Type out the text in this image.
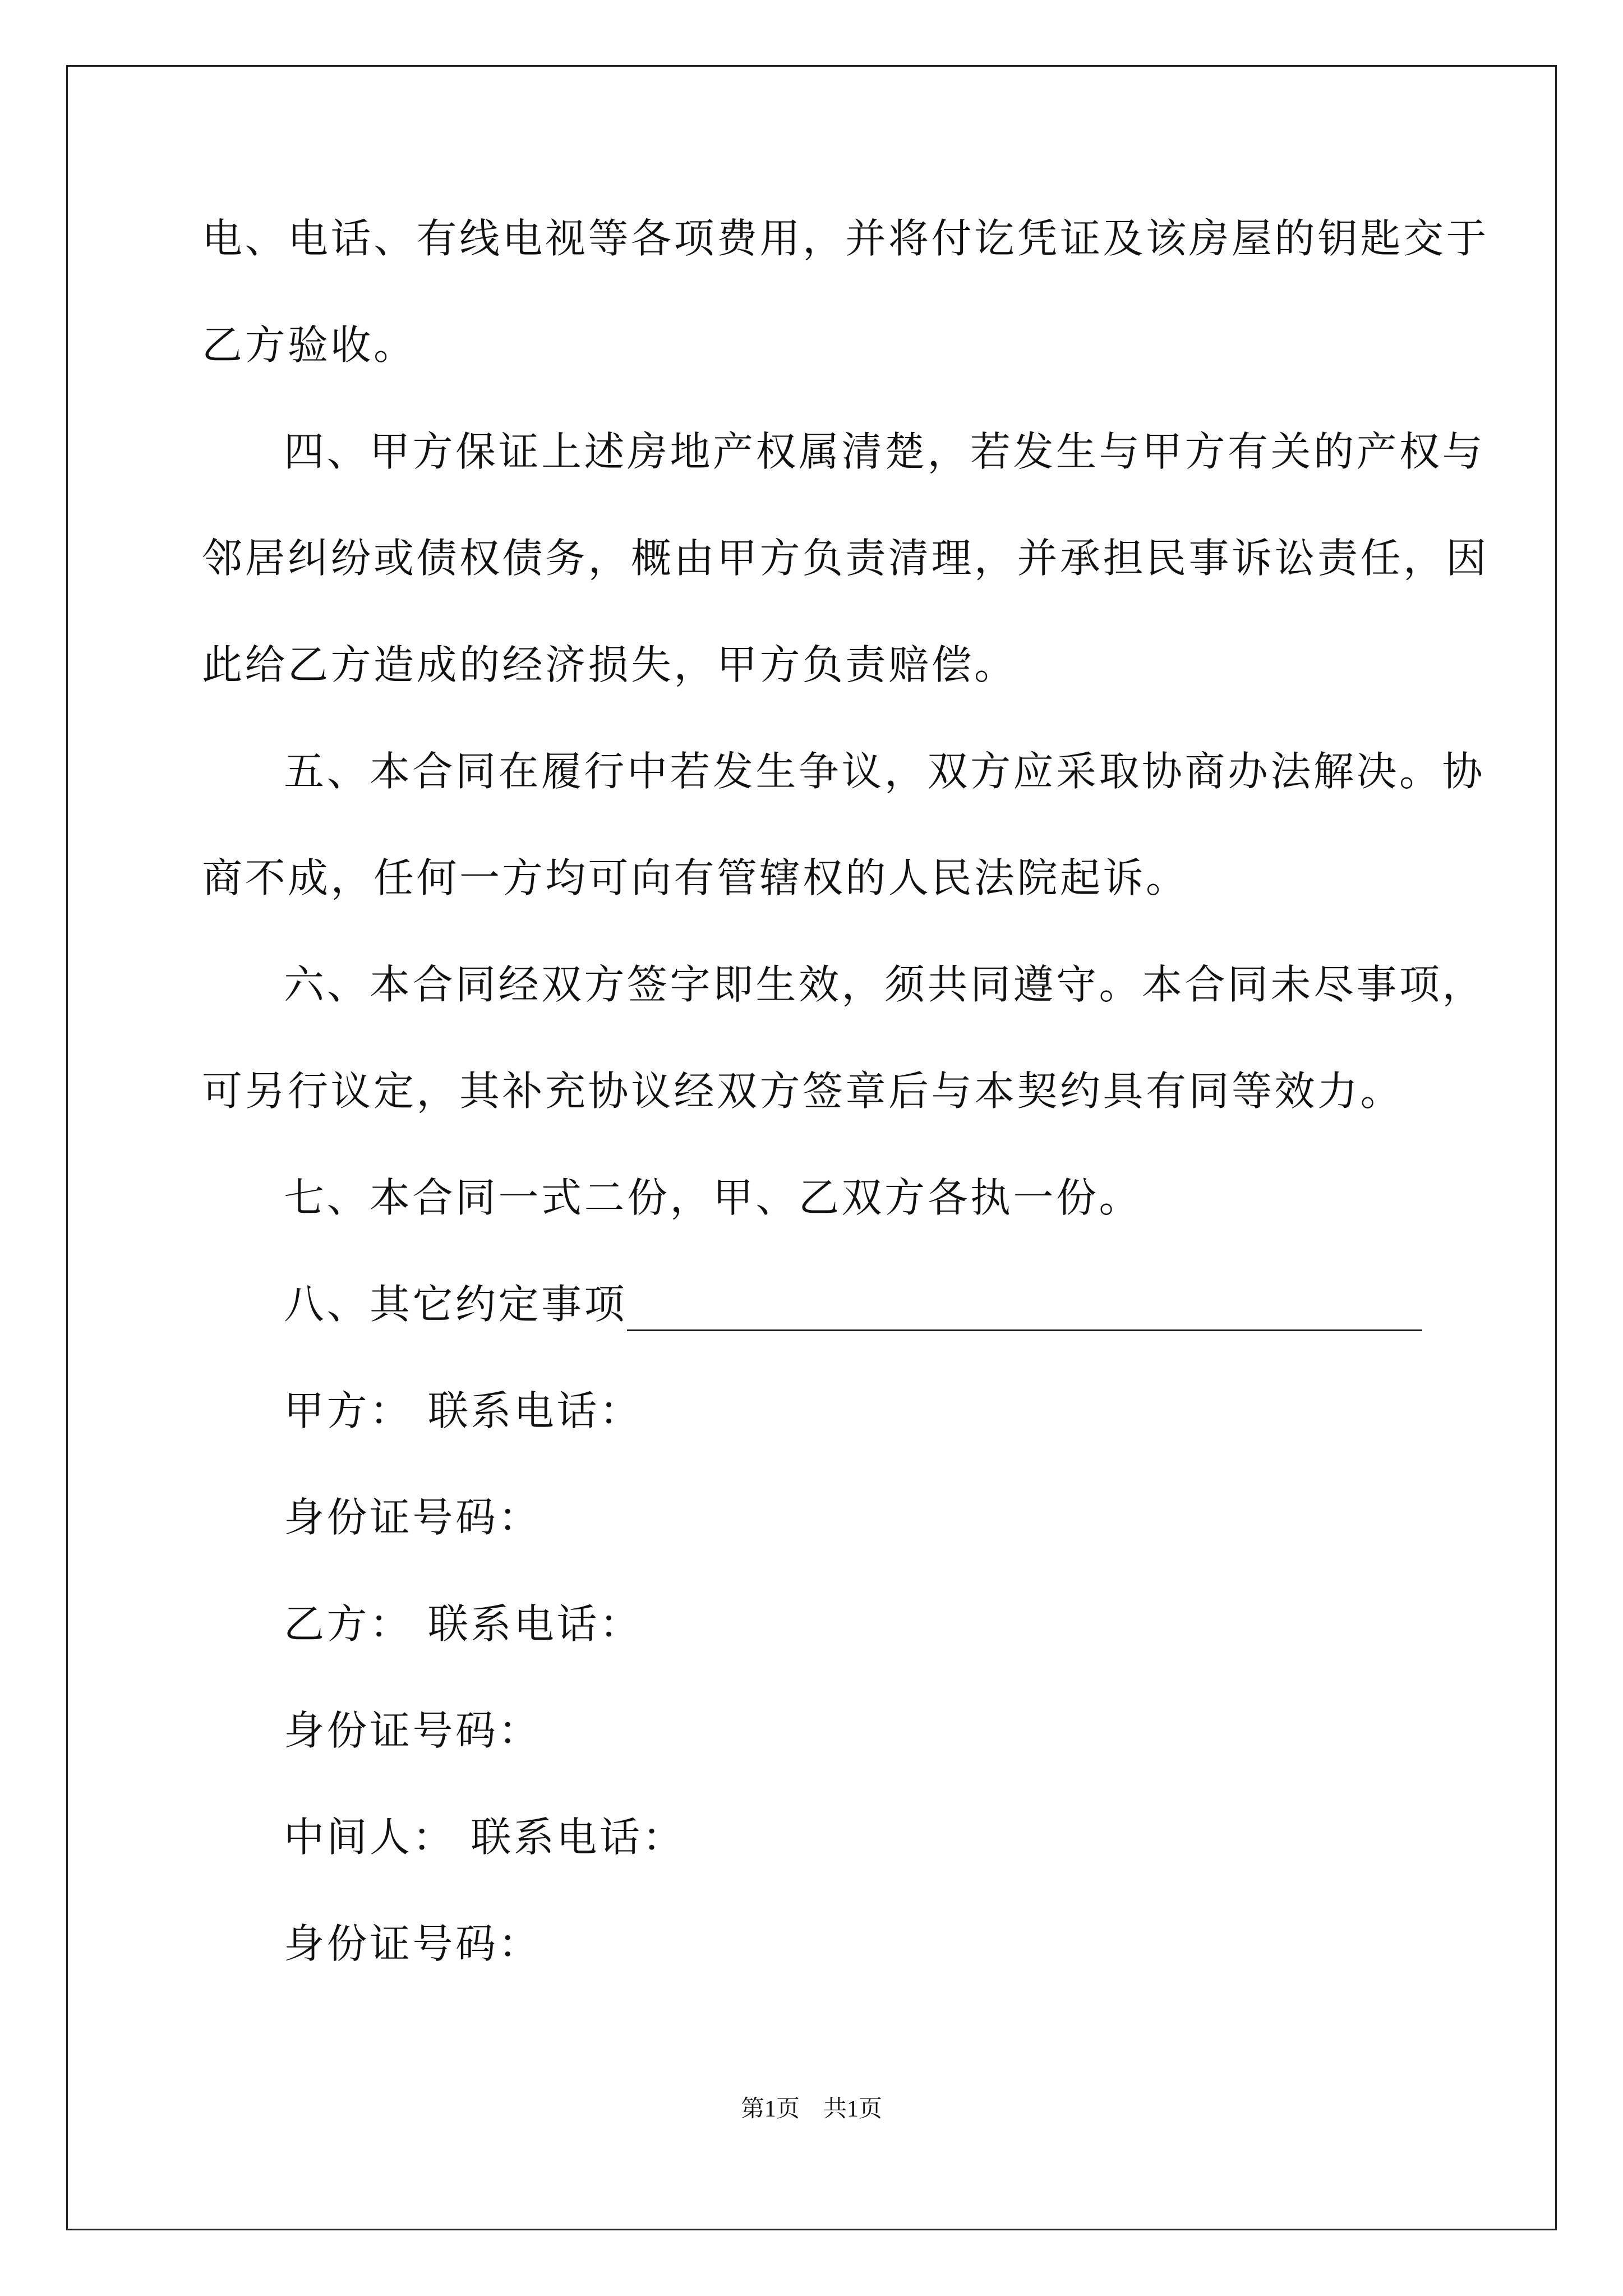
电、电话、有线电视等各项费用，并将付讫凭证及该房屋的钥匙交于
乙方验收。
四、甲方保证上述房地产权属清楚，若发生与甲方有关的产权与
邻居纠纷或债权债务，概由甲方负责清理，并承担民事诉讼责任，因
此给乙方造成的经济损失，甲方负责赔偿。
五、本合同在履行中若发生争议，双方应采取协商办法解决。协
商不成，任何一方均可向有管辖权的人民法院起诉。
六、本合同经双方签字即生效，须共同遵守。本合同未尽事项，
可另行议定，其补充协议经双方签章后与本契约具有同等效力。
七、本合同一式二份，甲、乙双方各执一份。
八、其它约定事项
甲方： 联系电话：
身份证号码：
乙方： 联系电话：
身份证号码：
中间人： 联系电话：
身份证号码：
第1页　共1页
